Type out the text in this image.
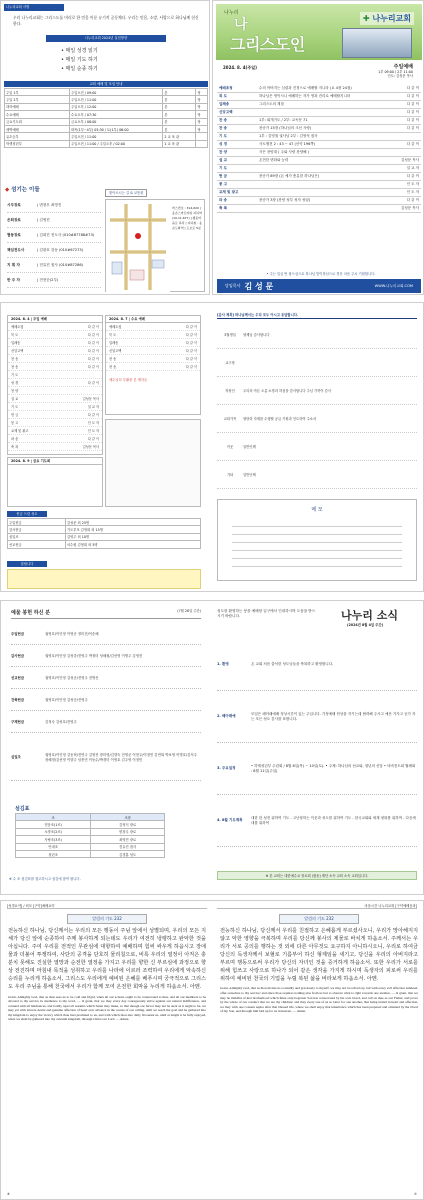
나누리교회 사명
우리 나누리교회는 그리스도를 머리로 한 믿음 이룬 유기적 공동체다. 우리는 믿음, 소망, 사랑으로 하나님께 헌신한다.
나누리교회 2024년 실천방향
• 매일 성경 읽기
• 매일 기도 하기
• 매일 순종 하기
교회 예배 및 모임 안내
주일 1부	주일오전 / 09:00	본	당
주일 2부	주일오전 / 11:00	본	당
대학예배	주일오후 / 12:00	본	당
수요예배	수요오후 / 07:30	본	당
금요기도회	금요오후 / 08:00	본	당
새벽예배	화목(1부~4부) 05:30 / 토(1부) 06:00	본	당
유초등부	주일오전 / 11:00	2 교 육 관	
학생청년부	주일오전 / 11:00 / 주일오후 / 02:00	1 교 육 관	
◆ 섬기는 이들
시무장로	| 변창우 최영진
은퇴장로	| 김영진
협동장로	| 김희진 전도사 (010#87788#73)
책임전도사	| 김광호 강동 (010#67273)
지 휘 자	| 전유진 집사 (010#87286)
반 주 자	| 전현순(2부)
찾아오시는 길 & 교통편
버스번호 : 314,620 | 송촌스마트타워 지하역 (10,11,677) | 행운마을로 하차 | 지하철 : 송촌도화역 | 도보로 5분
나누리
나
그리스도인
✚ 나누리교회
2024. 8. 4(주일)	주일예배
1부 09:00 / 2부 11:00
인도: 김성문 목사
예배초청	수의 아버지는 심령과 진정으로 예배할 지니라 (요 4장 24절)	다 같 이
묵 도	하나님은 영이시니 예배하는 자가 영과 진리로 예배할지니라	다 같 이
입례송	그리스도의 계절	다 같 이
신앙고백	다 같 이
찬 송	1부: 회개기도 / 2부: 교독문 71	다 같 이
찬 송	찬송가 15장 (하나님의 크신 사랑)	다 같 이
기 도	1부 : 김영철 권사님 2부 : 김영석 집사
성 경	사도행전 2 : 43 ~ 47 (신약 196쪽)	다 같 이
찬 양	사은 찬양대 ( 주와 사랑 찬양해 )
설 교	온전한 변화와 능력	김성문 목사
기 도	설 교 자
헌 금	찬송가 89장 (돈 예가 충분한 하나님은)	다 같 이
봉 고	인 도 자
교제 및 광고	인 도 자
파 송	찬송가 3장 (찬양 성부 성자 성령)	다 같 이
축 복	김성문 목사
• 주는 일곱 번 참으심으로 하나님 맞이하심으로 경운 마음 주시 기원합니다.
담임목사 김 성 문	WWW.나누리교회.COM
2024. 8. 4 | 주일 예배
예배초청	다 같 이
묵 도	다 같 이
입례송	다 같 이
신앙고백	다 같 이
찬 송	다 같 이
찬 송	다 같 이
기 도
성 경	다 같 이
찬 양
설 교	김성문 목사
기 도	설 교 자
헌 금	다 같 이
봉 고	인 도 자
교제 및 광고	인 도 자
파 송	다 같 이
축 복	김성문 목사
2024. 8. 7 | 수요 예배
예배초청	다 같 이
묵 도	다 같 이
입례송	다 같 이
신앙고백	다 같 이
찬 송	다 같 이
찬 송	다 같 이
예수님의 부활을 본 제자들
2024. 8. 9 | 금요 기도회
헌금 드린 성도
주일헌금	김성문 외 25명
감사헌금	기도부모 김영희 외 15명
십일조	김영주 외 10명
선교헌금	서수원 김영희 외 5명
알립니다
[감사 제목] 하나님께서는 우리 모두 아시고 응답합니다.
3월생일	형제님 감사합니다
교구장
직장인	우리의 아픈 오름 소망과 하심을 감사합니다 주님 가까이 감사
교회가족	형당력 자재를 수행할 공급 기원과 인도하여 주소서
이웃	일반인께
기타	일반인께
메 모
예물 봉헌 하신 분	(7월 28일 주간)
주일헌금	권영호/이인영 이영준 정미진/이순혜
감사헌금	권영호/이인영 김성중/전영주 박정미 성혜원/김선영 이명주 김영진
선교헌금	권영호/이인영 김성준/전영주 전명신
건축헌금	권영호/이인영 김성준/전영주
구제헌금	김정숙 김성호/전영주
십일조
권영호/이인영 김동혁/전연주 김영진 장미영/김향숙 전영준 이현주/이정민 김연희 박보영 이명호/김석주 장혜정/김선영 이향주 임종민 이동수/박경미 이영호 김주영 이정민
섬김표
조	조장
믿음조(1조)	김영식 장로
소망조(2조)	변창우 장로
사랑조(3조)	최영진 장로
안내조	전유진 집사
청년조	김경훈 성도
※ 수 조 섬김표를 참고하시고 섬김에 참여 합니다.
성도를 환영하는 봉을 예배당 입구에서 인내하시며 도움을 받으시기 바랍니다.	나누리 소식
(2024년 8월 4일 주간)
1. 환영	온 교회 처음 출석한 성도님들을 축복하고 환영합니다.
2. 헤아래예
모임은 헤아래예배 정상시간이 있는 주입니다. 가정예배 헌상을 지키는데 협력해 주시고 예산 가지고 공가 자는 모든 성도 감사를 표합니다.
3. 주요일정
• 하계성년부 수련회 / 8월 8일(목) ~ 10일(토). • 주제: 하나님의 선교와, 청년의 신앙 • 낙비전도회 월례회 : 8월 11일(주일)
4. 8월 기도제목
대한 한 성전 위하여 기도 - 고난당하는 이웃과 성도를 위하여 기도 - 한국교회와 세계 평화를 위하여 - 다음세대를 위하여
※ 본 교회는 대한예수교 장로회 (합동) 제단 소속 교회 소속 교회입니다.
[성경요약] / 외모 [구약]예배요약	마음시간 나누리교회 [구약예배음과]
알림의 기도 232
전능하신 하나님, 당신께서는 우리의 모든 행동이 주님 앞에서 성별되며, 우리의 모든 지체가 당신 앞에 순종하여 주께 봉사하게 되는데도 우리가 여전히 냉랭하고 완악한 것을 아십니다. 주여 우리를 전적인 무관심에 대항하여 예배하며 힘써 싸우게 하옵시고 장애물과 더불어 투쟁하여, 사단의 공격을 단호히 물리칠으로, 비록 우리의 열정이 아직은 충분치 못해도 진실한 열망과 순전한 열정을 가지고 우리를 향한 신 부르심에 과정으로 향상 전진하며 마침내 목적을 성취하고 우리를 나라에 이르러 조력하여 우리에게 악속하신 승리를 누리게 하옵소서, 그리스도 우리에게 예비된 은혜를 베푸시며 궁극적으로 그리스도 우리 주님을 통해 천국에서 우리가 함께 모여 온전한 회막을 누리게 하옵소서. 아멘.
Grant, Almighty God, that as thou sees us to be cold and frigid, when all our actions ought to be consecrated to thee, and all our members to be devoted to thy service in obedience to thy word, — O grant, that we may every day courageously strive against our natural indifference, and contend with all hindrances, and boldly repel all assaults which Satan may make, so that though our fervor may not be such as it ought to be, we may yet with sincere desire and genuine affection of heart ever advance in the course of our calling, until we reach the goal and be gathered into thy kingdom to enjoy the victory which thou hast promised to us, and with which thou also daily favourest us, until at length it be fully enjoyed, when we shall be gathered into thy celestial kingdom, through Christ our Lord. — Amen.
알림의 기도 232
전능하신 하나님, 당신께서 우리를 친절하고 은혜롭게 부르셨사오니, 우리가 망아해지지 않고 악한 영향을 극복하며 우리를 당신께 봉사의 제물로 바치게 하옵소서. 주께서는 우리가 서로 공의를 행하는 것 외에 다른 아무것도 요구하지 아니하시오니, 우리로 하여금 당신의 독생자께서 보혈로 기름부어 하신 형제임을 새기고, 당신을 우리의 아버지라고 부르며 행동으로써 우리가 당신의 자녀인 것을 증거하게 하옵소서. 또한 우리가 서로를 위해 힘쓰고 사랑으로 하나가 되어 같은 생각을 가지게 하시며 독생자의 피로써 우리를 위하여 예비된 천국의 기업을 누릴 복된 삶을 바라보게 하옵소서. 아멘.
Grant, Almighty God, that as thou invites us so kindly and graciously to thyself, we may not be refractory, but with every evil affection subdued, offer ourselves to thy service: and since thou requires nothing else from us but to observe what is right towards one another, — O grant, that we may be mindful of that brotherhood which thine only-begotten Son has consecrated by his own blood, and call on thee as our Father, and prove by the whole of our conduct that we are thy children: and may every one of us so labor for one another, that being united in heart and affection, we may with one consent aspire after that blessed life, where we shall enjoy that inheritance which has been prepared and obtained by the blood of thy Son, and through him laid up for us in heaven. — Amen.
④	①
